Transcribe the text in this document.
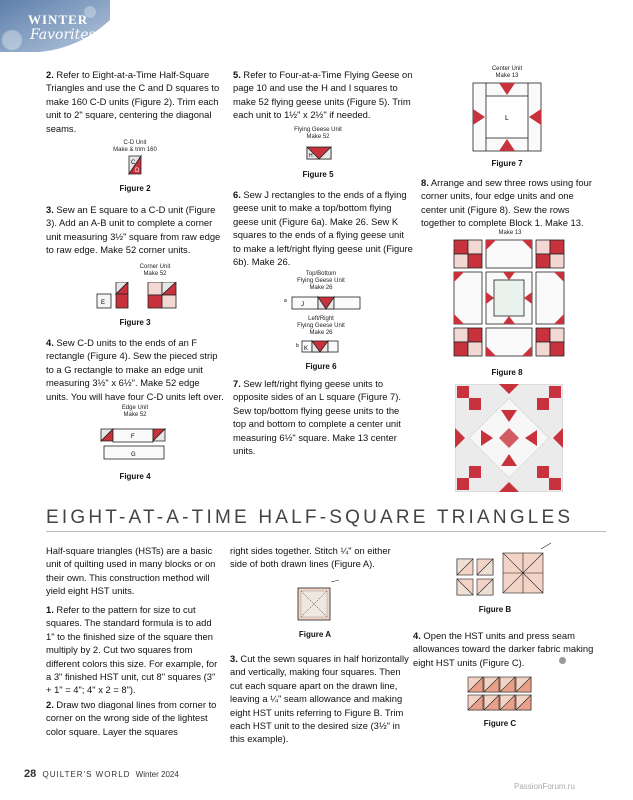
WINTER
Favorites

2. Refer to Eight-at-a-Time Half-Square Triangles and use the C and D squares to make 160 C-D units (Figure 2). Trim each unit to 2" square, centering the diagonal seams.

C-D Unit
Make & trim 160
C
D
Figure 2

3. Sew an E square to a C-D unit (Figure 3). Add an A-B unit to complete a corner unit measuring 3½" square from raw edge to raw edge. Make 52 corner units.

Corner Unit
Make 52
E
Figure 3

4. Sew C-D units to the ends of an F rectangle (Figure 4). Sew the pieced strip to a G rectangle to make an edge unit measuring 3½" x 6½". Make 52 edge units. You will have four C-D units left over.

Edge Unit
Make 52
F
G
Figure 4

5. Refer to Four-at-a-Time Flying Geese on page 10 and use the H and I squares to make 52 flying geese units (Figure 5). Trim each unit to 1½" x 2½" if needed.

Flying Geese Unit
Make 52
H
Figure 5

6. Sew J rectangles to the ends of a flying geese unit to make a top/bottom flying geese unit (Figure 6a). Make 26. Sew K squares to the ends of a flying geese unit to make a left/right flying geese unit (Figure 6b). Make 26.

Top/Bottom
Flying Geese Unit
Make 26
a
J
Left/Right
Flying Geese Unit
Make 26
b K
Figure 6

7. Sew left/right flying geese units to opposite sides of an L square (Figure 7). Sew top/bottom flying geese units to the top and bottom to complete a center unit measuring 6½" square. Make 13 center units.

Center Unit
Make 13
L
Figure 7

8. Arrange and sew three rows using four corner units, four edge units and one center unit (Figure 8). Sew the rows together to complete Block 1. Make 13.

Make 13
Figure 8
EIGHT-AT-A-TIME HALF-SQUARE TRIANGLES

Half-square triangles (HSTs) are a basic unit of quilting used in many blocks or on their own. This construction method will yield eight HST units.

1. Refer to the pattern for size to cut squares. The standard formula is to add 1" to the finished size of the square then multiply by 2. Cut two squares from different colors this size. For example, for a 3" finished HST unit, cut 8" squares (3" + 1" = 4"; 4" x 2 = 8").

2. Draw two diagonal lines from corner to corner on the wrong side of the lightest color square. Layer the squares

right sides together. Stitch ¼" on either side of both drawn lines (Figure A).

Figure A

3. Cut the sewn squares in half horizontally and vertically, making four squares. Then cut each square apart on the drawn line, leaving a ¼" seam allowance and making eight HST units referring to Figure B. Trim each HST unit to the desired size (3½" in this example).

Figure B

4. Open the HST units and press seam allowances toward the darker fabric making eight HST units (Figure C).

Figure C
28 QUILTER'S WORLD Winter 2024
PassionForum.ru
